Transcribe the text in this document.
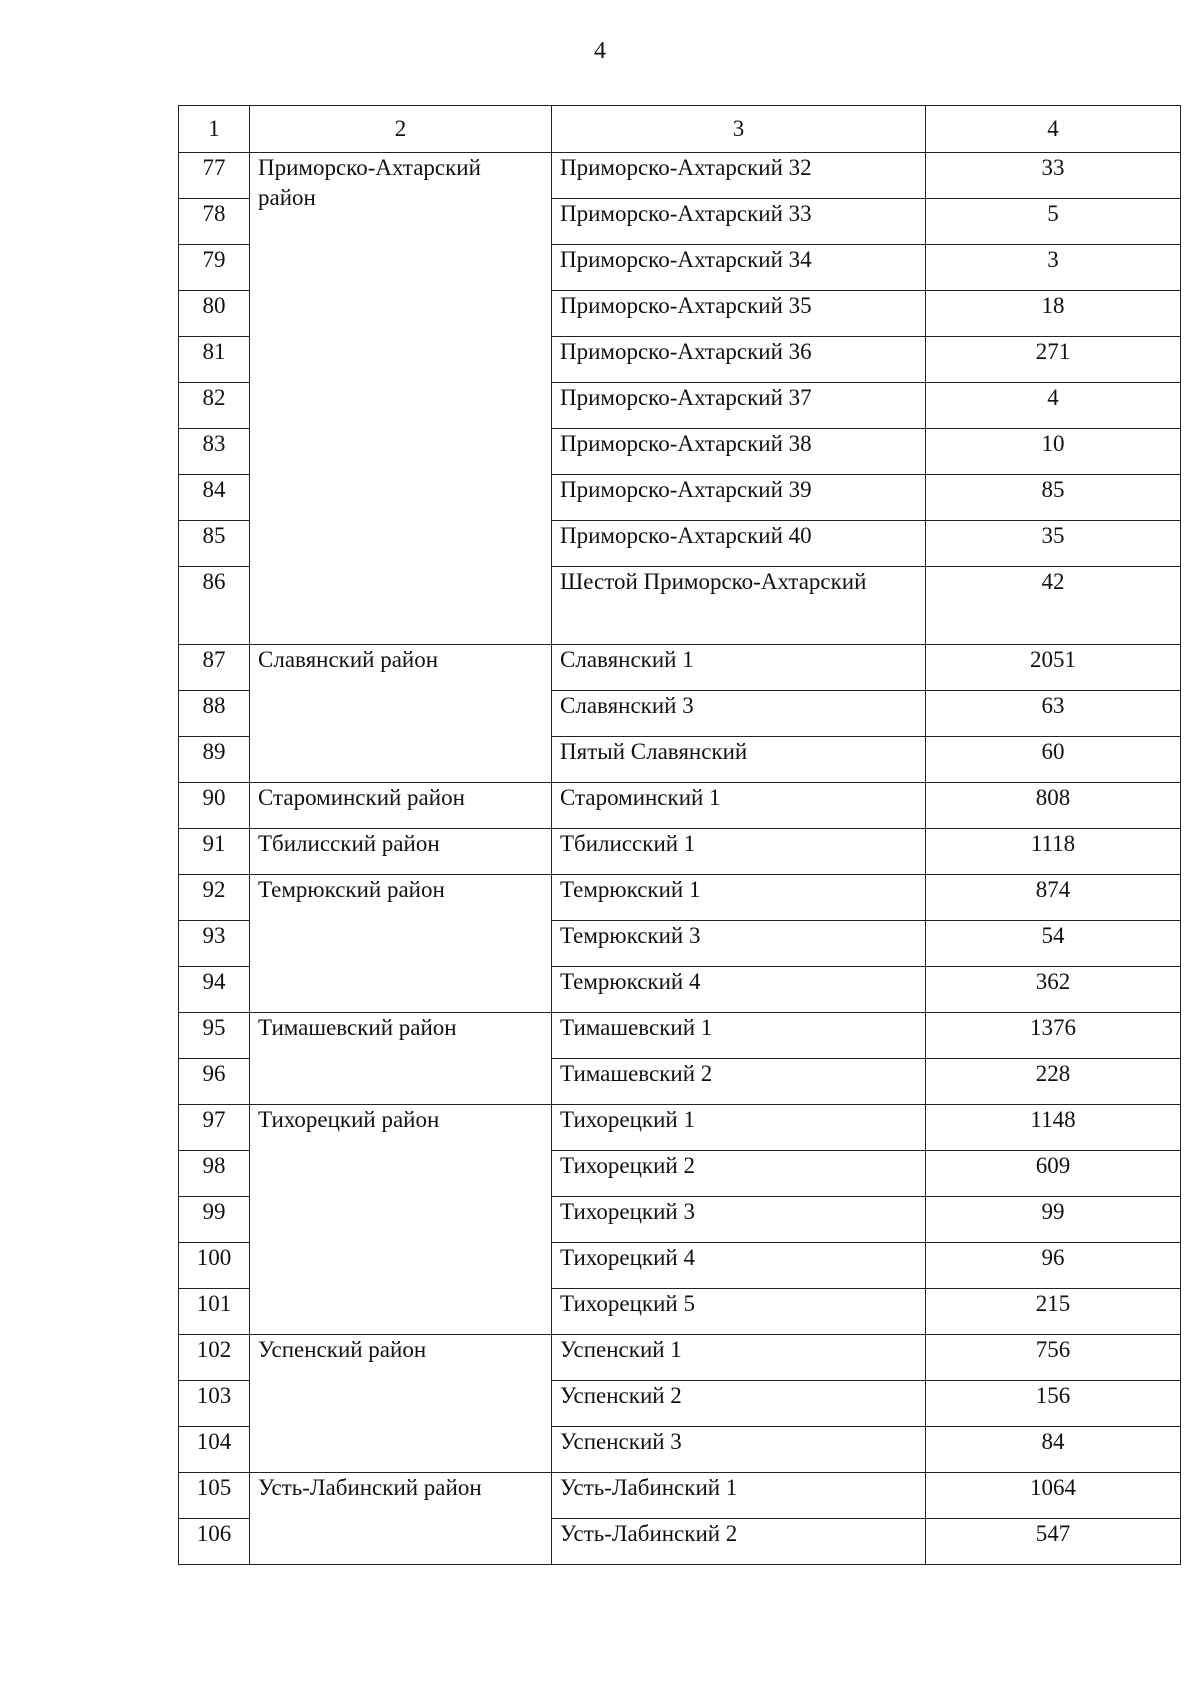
4
1	2	3	4
77	Приморско-Ахтарский район	Приморско-Ахтарский 32	33
78		Приморско-Ахтарский 33	5
79		Приморско-Ахтарский 34	3
80		Приморско-Ахтарский 35	18
81		Приморско-Ахтарский 36	271
82		Приморско-Ахтарский 37	4
83		Приморско-Ахтарский 38	10
84		Приморско-Ахтарский 39	85
85		Приморско-Ахтарский 40	35
86		Шестой Приморско-Ахтарский	42
87	Славянский район	Славянский 1	2051
88		Славянский 3	63
89		Пятый Славянский	60
90	Староминский район	Староминский 1	808
91	Тбилисский район	Тбилисский 1	1118
92	Темрюкский район	Темрюкский 1	874
93		Темрюкский 3	54
94		Темрюкский 4	362
95	Тимашевский район	Тимашевский 1	1376
96		Тимашевский 2	228
97	Тихорецкий район	Тихорецкий 1	1148
98		Тихорецкий 2	609
99		Тихорецкий 3	99
100		Тихорецкий 4	96
101		Тихорецкий 5	215
102	Успенский район	Успенский 1	756
103		Успенский 2	156
104		Успенский 3	84
105	Усть-Лабинский район	Усть-Лабинский 1	1064
106		Усть-Лабинский 2	547
